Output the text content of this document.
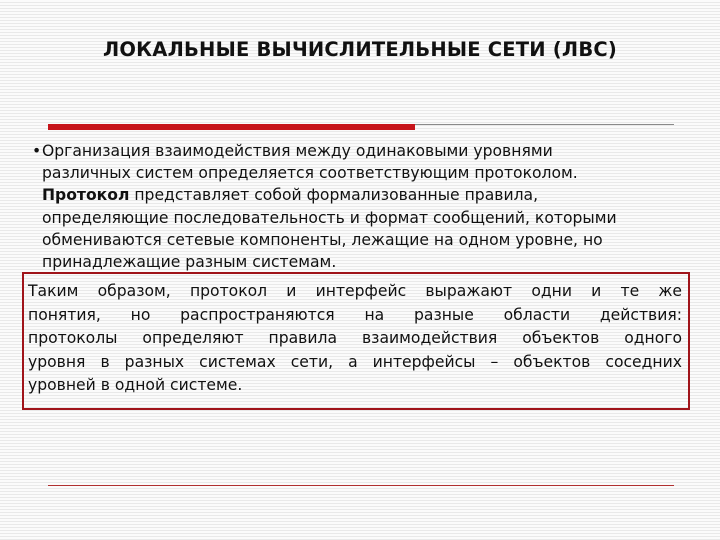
ЛОКАЛЬНЫЕ ВЫЧИСЛИТЕЛЬНЫЕ СЕТИ (ЛВС)
•Организация взаимодействия между одинаковыми уровнями
различных систем определяется соответствующим протоколом.
Протокол представляет собой формализованные правила,
определяющие последовательность и формат сообщений, которыми
обмениваются сетевые компоненты, лежащие на одном уровне, но
принадлежащие разным системам.
Таким образом, протокол и интерфейс выражают одни и те же
понятия, но распространяются на разные области действия:
протоколы определяют правила взаимодействия объектов одного
уровня в разных системах сети, а интерфейсы – объектов соседних
уровней в одной системе.
